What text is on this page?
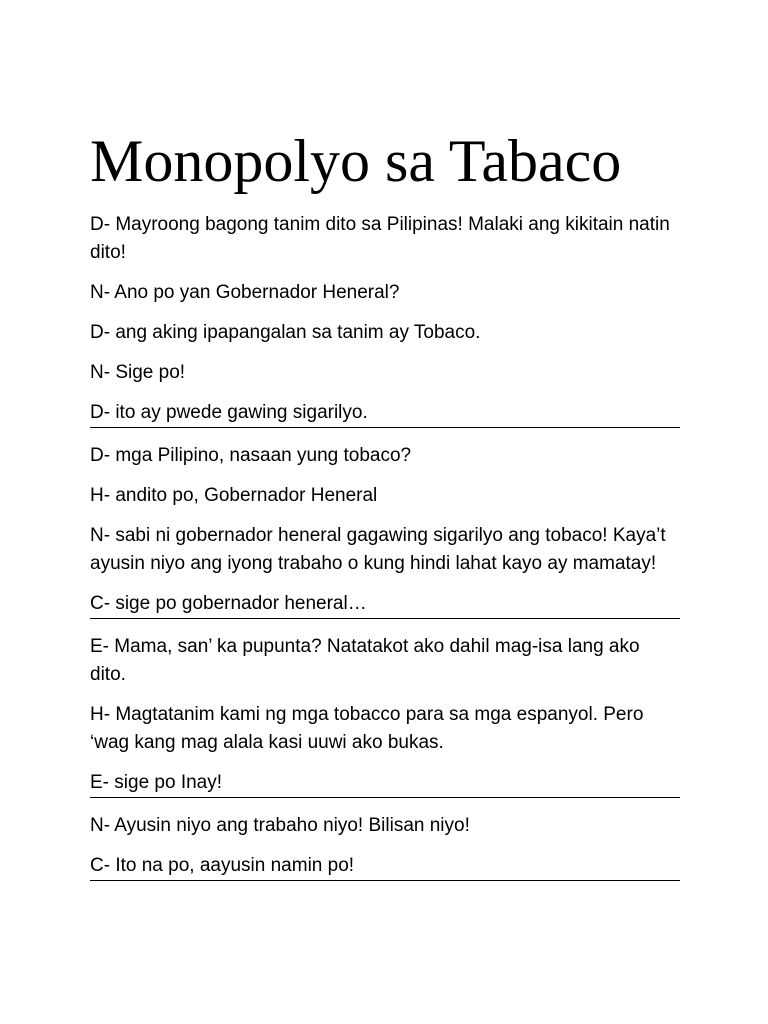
Monopolyo sa Tabaco

D- Mayroong bagong tanim dito sa Pilipinas! Malaki ang kikitain natin dito!

N- Ano po yan Gobernador Heneral?

D- ang aking ipapangalan sa tanim ay Tobaco.

N- Sige po!

D- ito ay pwede gawing sigarilyo.

D- mga Pilipino, nasaan yung tobaco?

H- andito po, Gobernador Heneral

N- sabi ni gobernador heneral gagawing sigarilyo ang tobaco! Kaya’t ayusin niyo ang iyong trabaho o kung hindi lahat kayo ay mamatay!

C- sige po gobernador heneral…

E- Mama, san’ ka pupunta? Natatakot ako dahil mag-isa lang ako dito.

H- Magtatanim kami ng mga tobacco para sa mga espanyol. Pero ‘wag kang mag alala kasi uuwi ako bukas.

E- sige po Inay!

N- Ayusin niyo ang trabaho niyo! Bilisan niyo!

C- Ito na po, aayusin namin po!
